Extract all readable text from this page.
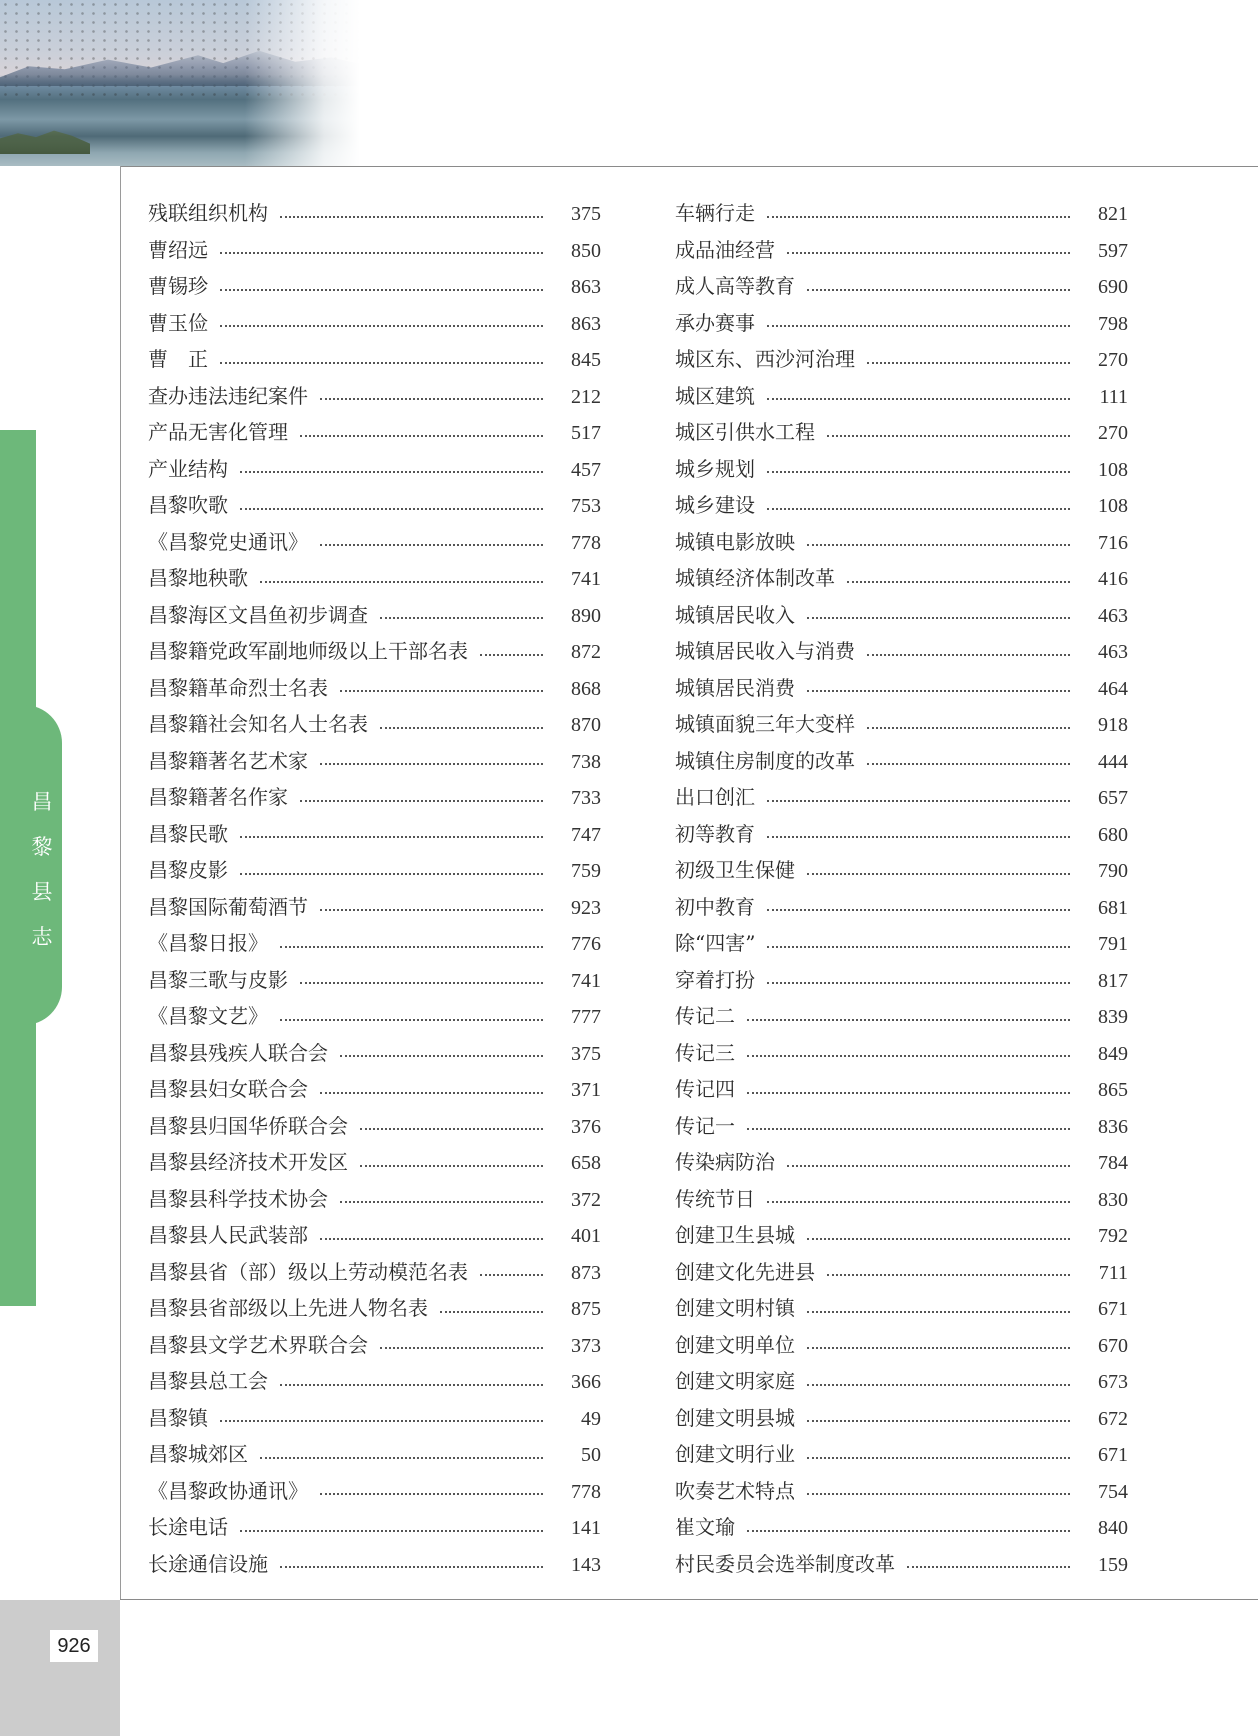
昌黎县志
926
残联组织机构	375
曹绍远	850
曹锡珍	863
曹玉俭	863
曹　正	845
查办违法违纪案件	212
产品无害化管理	517
产业结构	457
昌黎吹歌	753
《昌黎党史通讯》	778
昌黎地秧歌	741
昌黎海区文昌鱼初步调查	890
昌黎籍党政军副地师级以上干部名表	872
昌黎籍革命烈士名表	868
昌黎籍社会知名人士名表	870
昌黎籍著名艺术家	738
昌黎籍著名作家	733
昌黎民歌	747
昌黎皮影	759
昌黎国际葡萄酒节	923
《昌黎日报》	776
昌黎三歌与皮影	741
《昌黎文艺》	777
昌黎县残疾人联合会	375
昌黎县妇女联合会	371
昌黎县归国华侨联合会	376
昌黎县经济技术开发区	658
昌黎县科学技术协会	372
昌黎县人民武装部	401
昌黎县省（部）级以上劳动模范名表	873
昌黎县省部级以上先进人物名表	875
昌黎县文学艺术界联合会	373
昌黎县总工会	366
昌黎镇	49
昌黎城郊区	50
《昌黎政协通讯》	778
长途电话	141
长途通信设施	143
车辆行走	821
成品油经营	597
成人高等教育	690
承办赛事	798
城区东、西沙河治理	270
城区建筑	111
城区引供水工程	270
城乡规划	108
城乡建设	108
城镇电影放映	716
城镇经济体制改革	416
城镇居民收入	463
城镇居民收入与消费	463
城镇居民消费	464
城镇面貌三年大变样	918
城镇住房制度的改革	444
出口创汇	657
初等教育	680
初级卫生保健	790
初中教育	681
除“四害”	791
穿着打扮	817
传记二	839
传记三	849
传记四	865
传记一	836
传染病防治	784
传统节日	830
创建卫生县城	792
创建文化先进县	711
创建文明村镇	671
创建文明单位	670
创建文明家庭	673
创建文明县城	672
创建文明行业	671
吹奏艺术特点	754
崔文瑜	840
村民委员会选举制度改革	159
